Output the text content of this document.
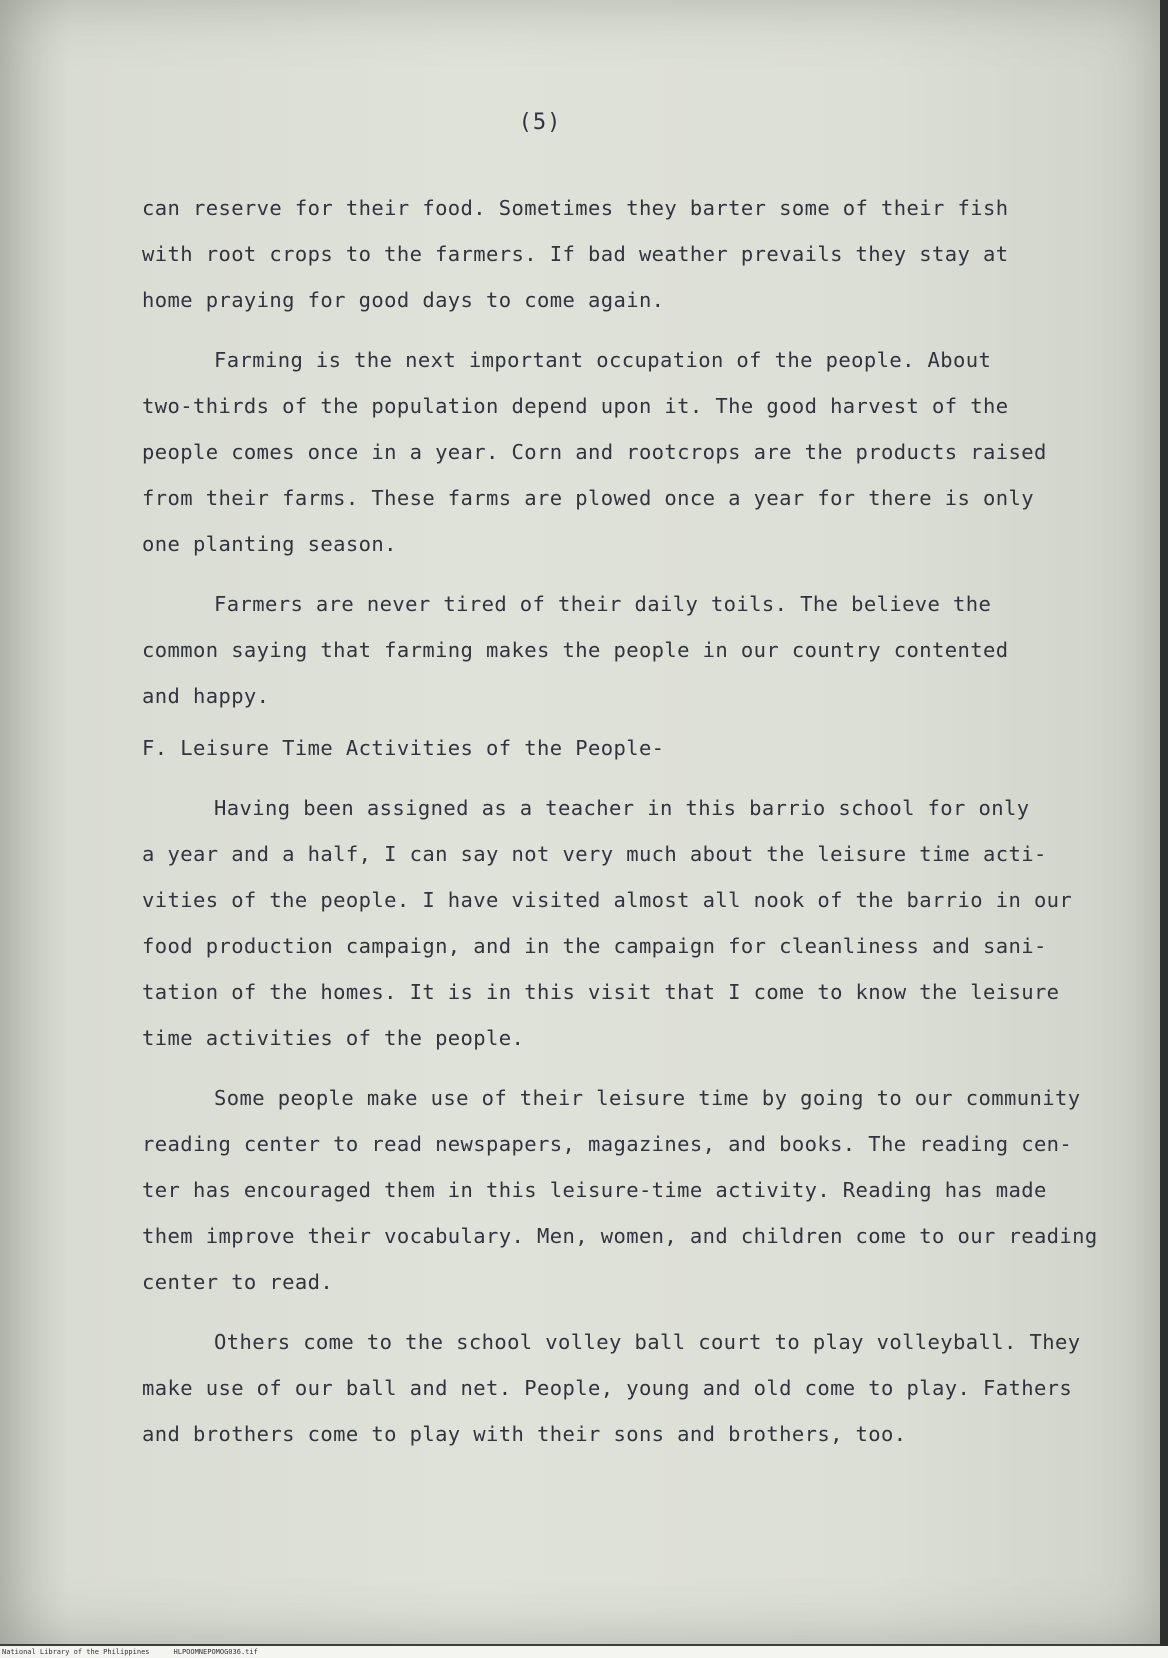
(5)
can reserve for their food. Sometimes they barter some of their fish
with root crops to the farmers. If bad weather prevails they stay at
home praying for good days to come again.
Farming is the next important occupation of the people. About
two-thirds of the population depend upon it. The good harvest of the
people comes once in a year. Corn and rootcrops are the products raised
from their farms. These farms are plowed once a year for there is only
one planting season.
Farmers are never tired of their daily toils. The believe the
common saying that farming makes the people in our country contented
and happy.
F. Leisure Time Activities of the People-
Having been assigned as a teacher in this barrio school for only
a year and a half, I can say not very much about the leisure time acti-
vities of the people. I have visited almost all nook of the barrio in our
food production campaign, and in the campaign for cleanliness and sani-
tation of the homes. It is in this visit that I come to know the leisure
time activities of the people.
Some people make use of their leisure time by going to our community
reading center to read newspapers, magazines, and books. The reading cen-
ter has encouraged them in this leisure-time activity. Reading has made
them improve their vocabulary. Men, women, and children come to our reading
center to read.
Others come to the school volley ball court to play volleyball. They
make use of our ball and net. People, young and old come to play. Fathers
and brothers come to play with their sons and brothers, too.
National Library of the Philippines	HLPOOMNEPOMOG036.tif
